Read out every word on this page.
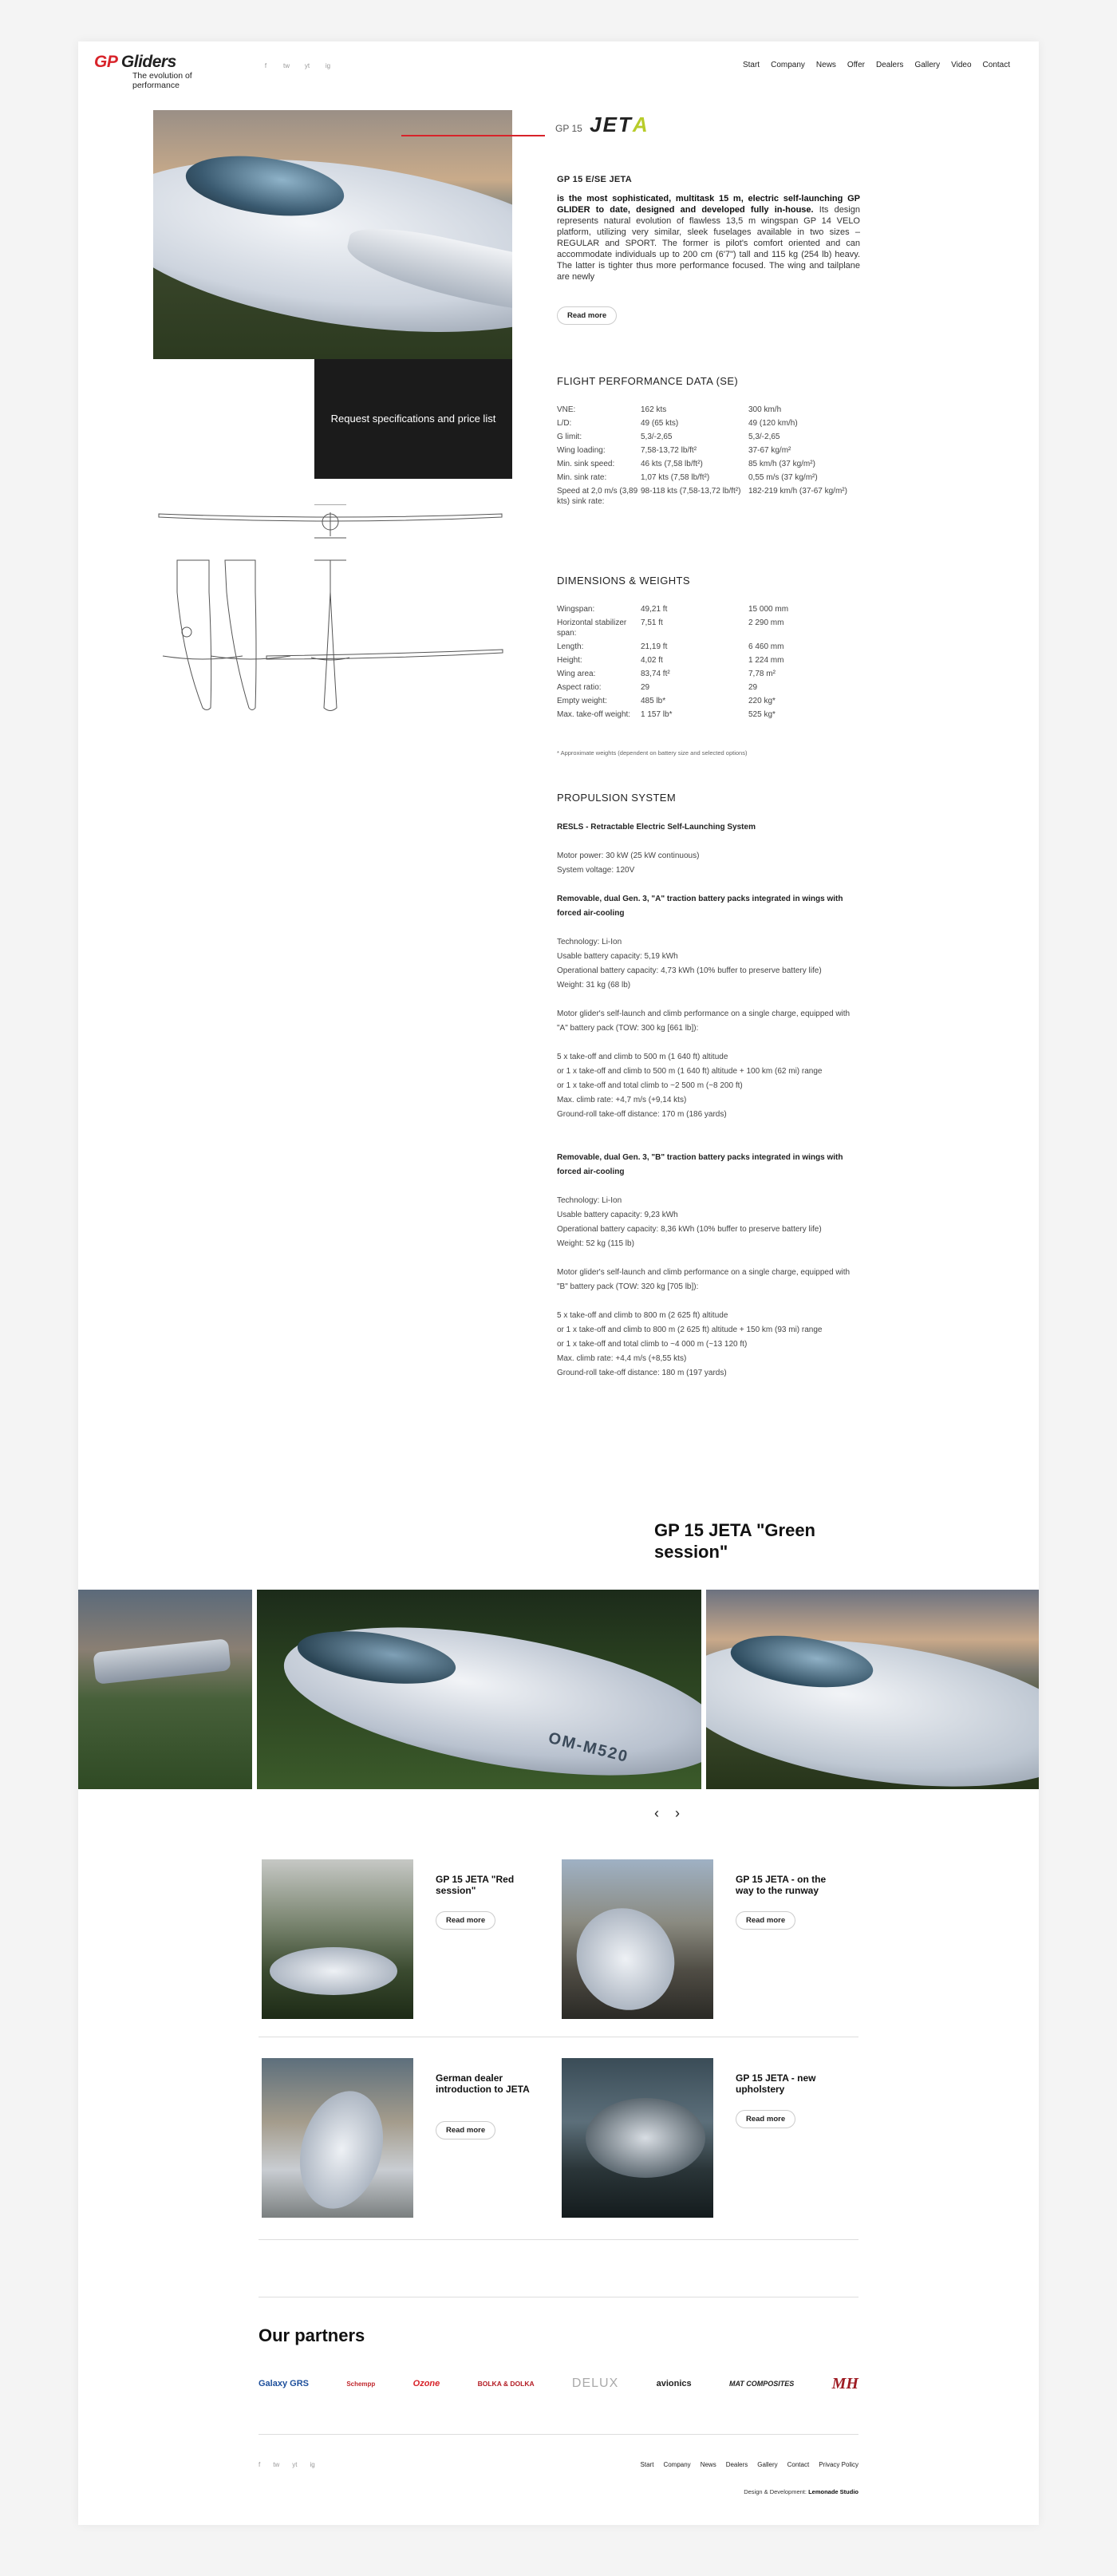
GP Gliders
The evolution of performance
f	tw yt ig	Start Company News Offer Dealers Gallery Video Contact
GP 15 JETA
Request specifications and price list
GP 15 E/SE JETA
is the most sophisticated, multitask 15 m, electric self-launching GP GLIDER to date, designed and developed fully in-house. Its design represents natural evolution of flawless 13,5 m wingspan GP 14 VELO platform, utilizing very similar, sleek fuselages available in two sizes – REGULAR and SPORT. The former is pilot's comfort oriented and can accommodate individuals up to 200 cm (6'7") tall and 115 kg (254 lb) heavy. The latter is tighter thus more performance focused. The wing and tailplane are newly
Read more
FLIGHT PERFORMANCE DATA (SE)
VNE:	162 kts	300 km/h
L/D:	49 (65 kts)	49 (120 km/h)
G limit:	5,3/-2,65	5,3/-2,65
Wing loading:	7,58-13,72 lb/ft²	37-67 kg/m²
Min. sink speed:	46 kts (7,58 lb/ft²)	85 km/h (37 kg/m²)
Min. sink rate:	1,07 kts (7,58 lb/ft²)	0,55 m/s (37 kg/m²)
Speed at 2,0 m/s (3,89 kts) sink rate:
98-118 kts (7,58-13,72 lb/ft²) 182-219 km/h (37-67 kg/m²)
DIMENSIONS & WEIGHTS
Wingspan:	49,21 ft	15 000 mm
Horizontal stabilizer span:
7,51 ft	2 290 mm
Length:	21,19 ft	6 460 mm
Height:	4,02 ft	1 224 mm
Wing area:	83,74 ft²	7,78 m²
Aspect ratio:	29	29
Empty weight:	485 lb*	220 kg*
Max. take-off weight:	1 157 lb*	525 kg*
* Approximate weights (dependent on battery size and selected options)
PROPULSION SYSTEM

RESLS - Retractable Electric Self-Launching System

Motor power: 30 kW (25 kW continuous)

System voltage: 120V

Removable, dual Gen. 3, "A" traction battery packs integrated in wings with forced air-cooling

Technology: Li-Ion

Usable battery capacity: 5,19 kWh

Operational battery capacity: 4,73 kWh (10% buffer to preserve battery life)

Weight: 31 kg (68 lb)

Motor glider's self-launch and climb performance on a single charge, equipped with "A" battery pack (TOW: 300 kg [661 lb]):

5 x take-off and climb to 500 m (1 640 ft) altitude

or 1 x take-off and climb to 500 m (1 640 ft) altitude + 100 km (62 mi) range

or 1 x take-off and total climb to ~2 500 m (~8 200 ft)

Max. climb rate: +4,7 m/s (+9,14 kts)

Ground-roll take-off distance: 170 m (186 yards)

Removable, dual Gen. 3, "B" traction battery packs integrated in wings with forced air-cooling

Technology: Li-Ion

Usable battery capacity: 9,23 kWh

Operational battery capacity: 8,36 kWh (10% buffer to preserve battery life)

Weight: 52 kg (115 lb)

Motor glider's self-launch and climb performance on a single charge, equipped with "B" battery pack (TOW: 320 kg [705 lb]):

5 x take-off and climb to 800 m (2 625 ft) altitude

or 1 x take-off and climb to 800 m (2 625 ft) altitude + 150 km (93 mi) range

or 1 x take-off and total climb to ~4 000 m (~13 120 ft)

Max. climb rate: +4,4 m/s (+8,55 kts)

Ground-roll take-off distance: 180 m (197 yards)

GP 15 JETA "Green session"
OM-M520
‹ ›
GP 15 JETA "Red session"
Read more
GP 15 JETA - on the way to the runway
Read more
German dealer introduction to JETA
Read more
GP 15 JETA - new upholstery
Read more
Our partners
Galaxy GRS	Schempp	Ozone	BOLKA & DOLKA	DELUX	avionics	MAT COMPOSITES MH
f tw yt ig	Start Company News Dealers Gallery Contact Privacy Policy
Design & Development: Lemonade Studio
